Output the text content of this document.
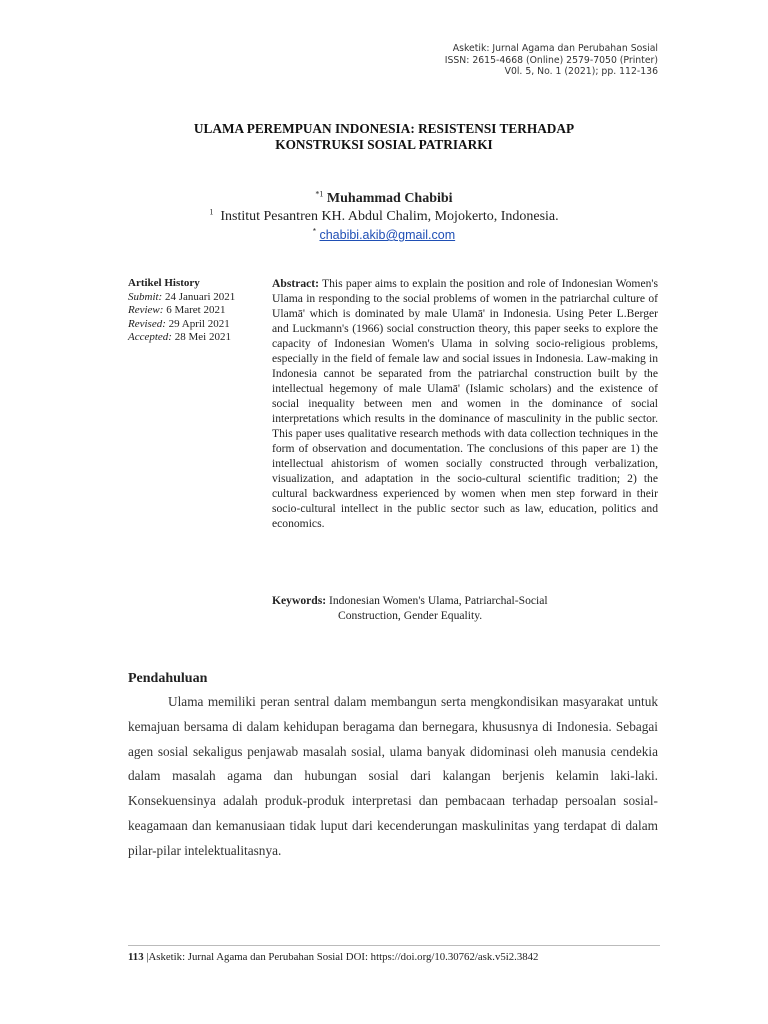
Asketik: Jurnal Agama dan Perubahan Sosial
ISSN: 2615-4668 (Online) 2579-7050 (Printer)
V0l. 5, No. 1 (2021); pp. 112-136
ULAMA PEREMPUAN INDONESIA: RESISTENSI TERHADAP
KONSTRUKSI SOSIAL PATRIARKI
$^{*1}$ Muhammad Chabibi
$^1$ Institut Pesantren KH. Abdul Chalim, Mojokerto, Indonesia.
* chabibi.akib@gmail.com
Artikel History
Submit: 24 Januari 2021
Review: 6 Maret 2021
Revised: 29 April 2021
Accepted: 28 Mei 2021
Abstract: This paper aims to explain the position and role of Indonesian Women's Ulama in responding to the social problems of women in the patriarchal culture of Ulamā' which is dominated by male Ulamā' in Indonesia. Using Peter L.Berger and Luckmann's (1966) social construction theory, this paper seeks to explore the capacity of Indonesian Women's Ulama in solving socio-religious problems, especially in the field of female law and social issues in Indonesia. Law-making in Indonesia cannot be separated from the patriarchal construction built by the intellectual hegemony of male Ulamā' (Islamic scholars) and the existence of social inequality between men and women in the dominance of social interpretations which results in the dominance of masculinity in the public sector. This paper uses qualitative research methods with data collection techniques in the form of observation and documentation. The conclusions of this paper are 1) the intellectual ahistorism of women socially constructed through verbalization, visualization, and adaptation in the socio-cultural scientific tradition; 2) the cultural backwardness experienced by women when men step forward in their socio-cultural intellect in the public sector such as law, education, politics and economics.
Keywords: Indonesian Women's Ulama, Patriarchal-Social
Construction, Gender Equality.
Pendahuluan
Ulama memiliki peran sentral dalam membangun serta mengkondisikan masyarakat untuk kemajuan bersama di dalam kehidupan beragama dan bernegara, khususnya di Indonesia. Sebagai agen sosial sekaligus penjawab masalah sosial, ulama banyak didominasi oleh manusia cendekia dalam masalah agama dan hubungan sosial dari kalangan berjenis kelamin laki-laki. Konsekuensinya adalah produk-produk interpretasi dan pembacaan terhadap persoalan sosial-keagamaan dan kemanusiaan tidak luput dari kecenderungan maskulinitas yang terdapat di dalam pilar-pilar intelektualitasnya.
113 |Asketik: Jurnal Agama dan Perubahan Sosial DOI: https://doi.org/10.30762/ask.v5i2.3842
